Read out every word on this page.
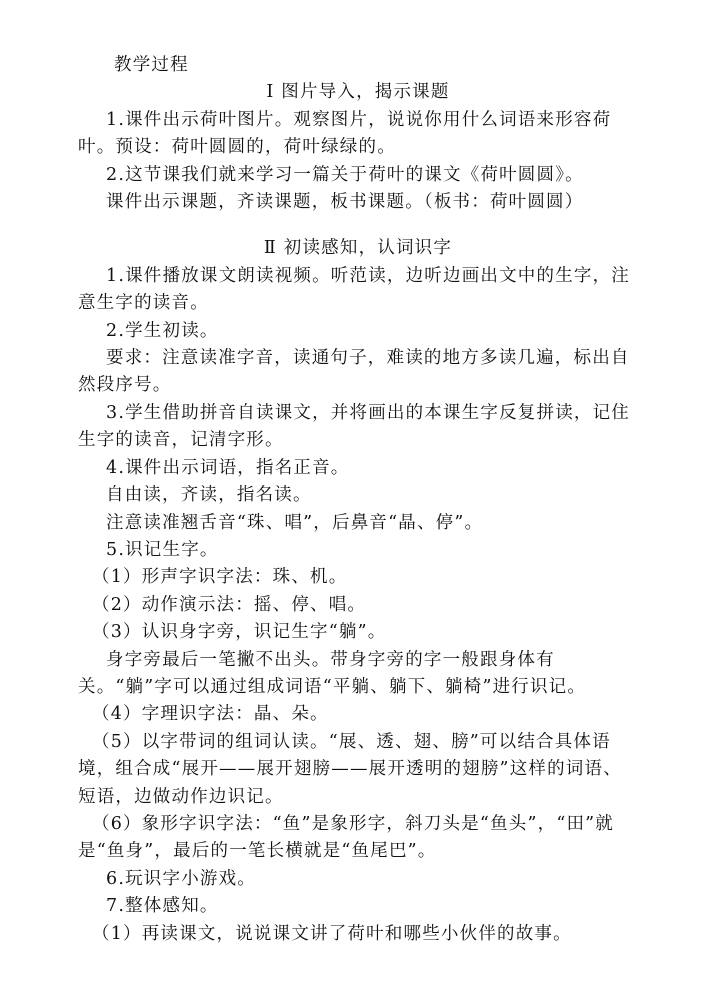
教学过程

Ⅰ 图片导入，揭示课题

1.课件出示荷叶图片。观察图片，说说你用什么词语来形容荷叶。预设：荷叶圆圆的，荷叶绿绿的。

2.这节课我们就来学习一篇关于荷叶的课文《荷叶圆圆》。

课件出示课题，齐读课题，板书课题。（板书：荷叶圆圆）

Ⅱ 初读感知，认词识字

1.课件播放课文朗读视频。听范读，边听边画出文中的生字，注意生字的读音。

2.学生初读。

要求：注意读准字音，读通句子，难读的地方多读几遍，标出自然段序号。

3.学生借助拼音自读课文，并将画出的本课生字反复拼读，记住生字的读音，记清字形。

4.课件出示词语，指名正音。

自由读，齐读，指名读。

注意读准翘舌音“珠、唱”，后鼻音“晶、停”。

5.识记生字。

（1）形声字识字法：珠、机。

（2）动作演示法：摇、停、唱。

（3）认识身字旁，识记生字“躺”。

身字旁最后一笔撇不出头。带身字旁的字一般跟身体有关。“躺”字可以通过组成词语“平躺、躺下、躺椅”进行识记。

（4）字理识字法：晶、朵。

（5）以字带词的组词认读。“展、透、翅、膀”可以结合具体语境，组合成“展开——展开翅膀——展开透明的翅膀”这样的词语、短语，边做动作边识记。

（6）象形字识字法：“鱼”是象形字，斜刀头是“鱼头”，“田”就是“鱼身”，最后的一笔长横就是“鱼尾巴”。

6.玩识字小游戏。

7.整体感知。

（1）再读课文，说说课文讲了荷叶和哪些小伙伴的故事。
